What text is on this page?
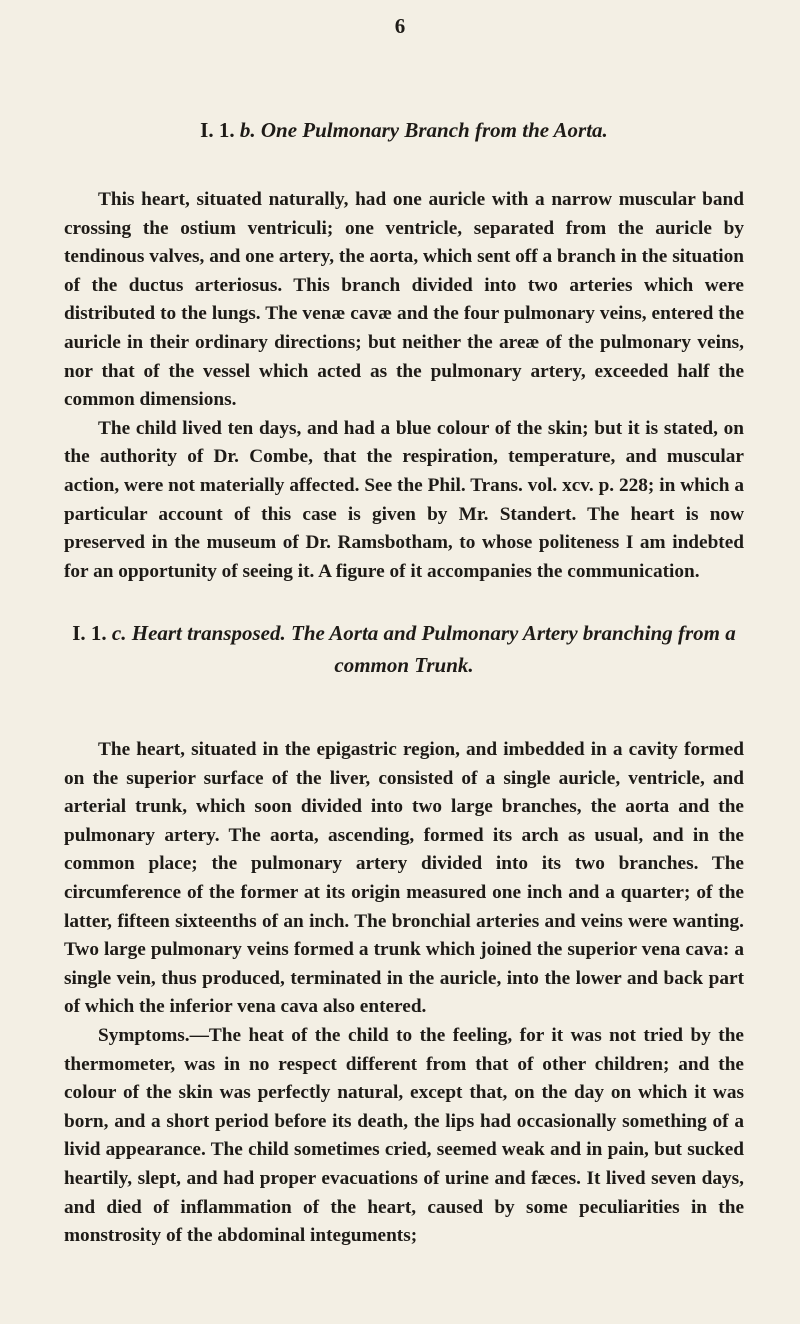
6
I. 1. b. One Pulmonary Branch from the Aorta.

This heart, situated naturally, had one auricle with a narrow muscular band crossing the ostium ventriculi; one ventricle, separated from the auricle by tendinous valves, and one artery, the aorta, which sent off a branch in the situation of the ductus arteriosus. This branch divided into two arteries which were distributed to the lungs. The venæ cavæ and the four pulmonary veins, entered the auricle in their ordinary directions; but neither the areæ of the pulmonary veins, nor that of the vessel which acted as the pulmonary artery, exceeded half the common dimensions.

The child lived ten days, and had a blue colour of the skin; but it is stated, on the authority of Dr. Combe, that the respiration, temperature, and muscular action, were not materially affected. See the Phil. Trans. vol. xcv. p. 228; in which a particular account of this case is given by Mr. Standert. The heart is now preserved in the museum of Dr. Ramsbotham, to whose politeness I am indebted for an opportunity of seeing it. A figure of it accompanies the communication.

I. 1. c. Heart transposed. The Aorta and Pulmonary Artery branching from a common Trunk.

The heart, situated in the epigastric region, and imbedded in a cavity formed on the superior surface of the liver, consisted of a single auricle, ventricle, and arterial trunk, which soon divided into two large branches, the aorta and the pulmonary artery. The aorta, ascending, formed its arch as usual, and in the common place; the pulmonary artery divided into its two branches. The circumference of the former at its origin measured one inch and a quarter; of the latter, fifteen sixteenths of an inch. The bronchial arteries and veins were wanting. Two large pulmonary veins formed a trunk which joined the superior vena cava: a single vein, thus produced, terminated in the auricle, into the lower and back part of which the inferior vena cava also entered.

Symptoms.—The heat of the child to the feeling, for it was not tried by the thermometer, was in no respect different from that of other children; and the colour of the skin was perfectly natural, except that, on the day on which it was born, and a short period before its death, the lips had occasionally something of a livid appearance. The child sometimes cried, seemed weak and in pain, but sucked heartily, slept, and had proper evacuations of urine and fæces. It lived seven days, and died of inflammation of the heart, caused by some peculiarities in the monstrosity of the abdominal integuments;
